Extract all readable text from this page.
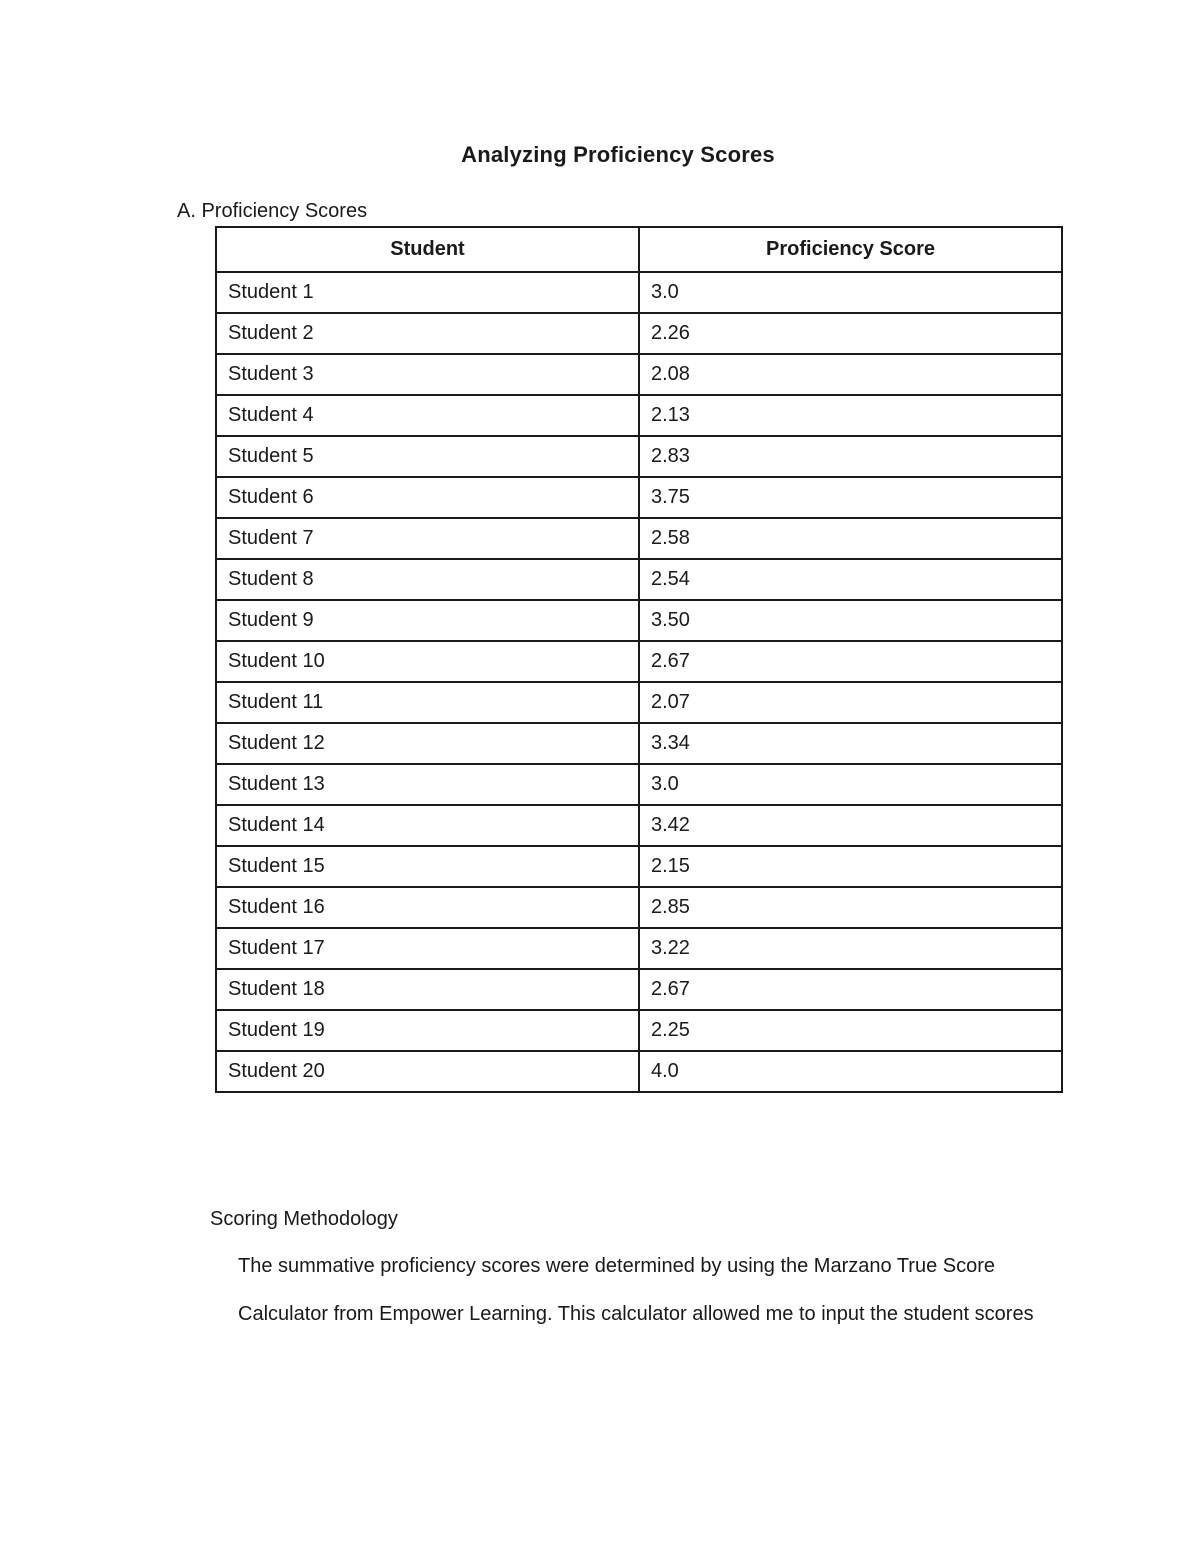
Analyzing Proficiency Scores
A. Proficiency Scores
Student	Proficiency Score
Student 1	3.0
Student 2	2.26
Student 3	2.08
Student 4	2.13
Student 5	2.83
Student 6	3.75
Student 7	2.58
Student 8	2.54
Student 9	3.50
Student 10	2.67
Student 11	2.07
Student 12	3.34
Student 13	3.0
Student 14	3.42
Student 15	2.15
Student 16	2.85
Student 17	3.22
Student 18	2.67
Student 19	2.25
Student 20	4.0
Scoring Methodology
The summative proficiency scores were determined by using the Marzano True Score
Calculator from Empower Learning. This calculator allowed me to input the student scores
